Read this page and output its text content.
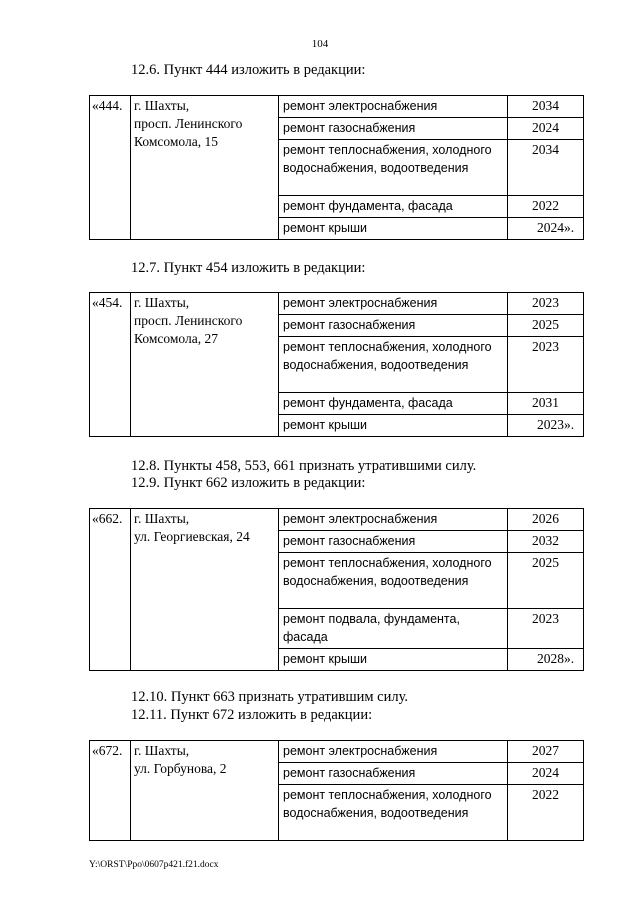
104
12.6. Пункт 444 изложить в редакции:
«444.	г. Шахты,
просп. Ленинского
Комсомола, 15	ремонт электроснабжения	2034
		ремонт газоснабжения	2024
		ремонт теплоснабжения, холодного водоснабжения, водоотведения	2034
		ремонт фундамента, фасада	2022
		ремонт крыши	2024».
12.7. Пункт 454 изложить в редакции:
«454.	г. Шахты,
просп. Ленинского
Комсомола, 27	ремонт электроснабжения	2023
		ремонт газоснабжения	2025
		ремонт теплоснабжения, холодного водоснабжения, водоотведения	2023
		ремонт фундамента, фасада	2031
		ремонт крыши	2023».
12.8. Пункты 458, 553, 661 признать утратившими силу.
12.9. Пункт 662 изложить в редакции:
«662.	г. Шахты,
ул. Георгиевская, 24	ремонт электроснабжения	2026
		ремонт газоснабжения	2032
		ремонт теплоснабжения, холодного водоснабжения, водоотведения	2025
		ремонт подвала, фундамента, фасада	2023
		ремонт крыши	2028».
12.10. Пункт 663 признать утратившим силу.
12.11. Пункт 672 изложить в редакции:
«672.	г. Шахты,
ул. Горбунова, 2	ремонт электроснабжения	2027
		ремонт газоснабжения	2024
		ремонт теплоснабжения, холодного водоснабжения, водоотведения	2022
Y:\ORST\Ppo\0607p421.f21.docx
